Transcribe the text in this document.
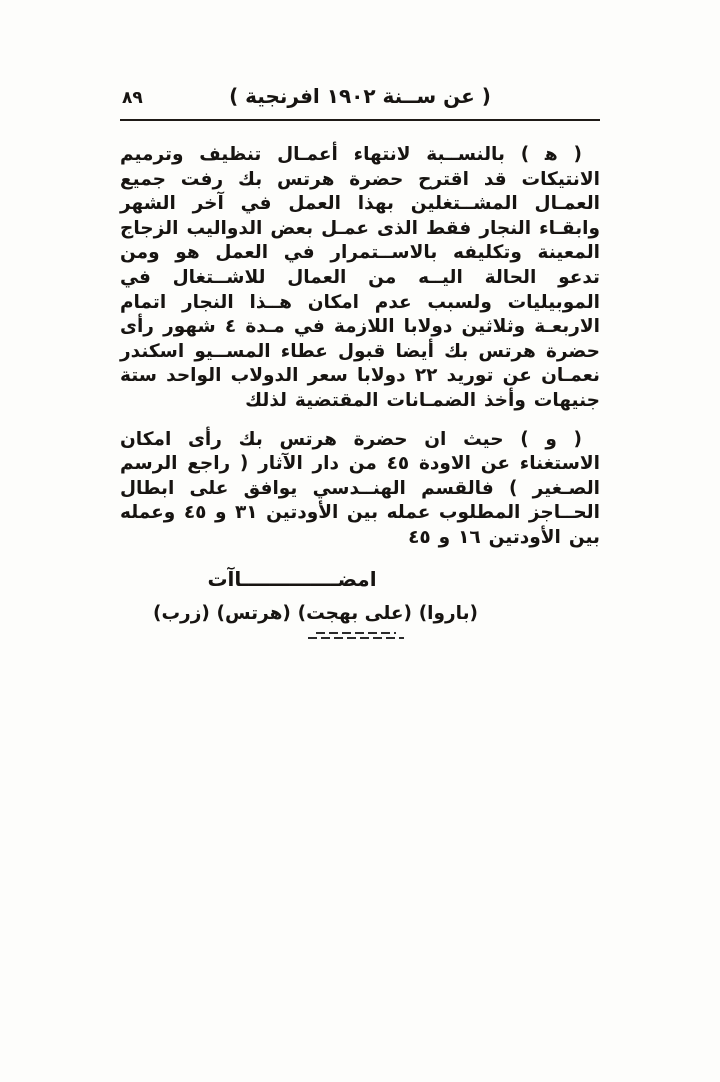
٨٩	( عن ســنة ١٩٠٢ افرنجية )

( ﻫ ) بالنســبة لانتهاء أعمـال تنظيف وترميم الانتيكات قد اقترح حضرة هرتس بك رفت جميع العمـال المشــتغلين بهذا العمل في آخر الشهر وابقـاء النجار فقط الذى عمـل بعض الدواليب الزجاج المعينة وتكليفه بالاســتمرار في العمل هو ومن تدعو الحالة اليــه من العمال للاشــتغال في الموبيليات ولسبب عدم امكان هــذا النجار اتمام الاربعـة وثلاثين دولابا اللازمة في مـدة ٤ شهور رأى حضرة هرتس بك أيضا قبول عطاء المســيو اسكندر نعمـان عن توريد ٢٢ دولابا سعر الدولاب الواحد ستة جنيهات وأخذ الضمـانات المقتضية لذلك

( و ) حيث ان حضرة هرتس بك رأى امكان الاستغناء عن الاودة ٤٥ من دار الآثار ( راجع الرسم الصـغير ) فالقسم الهنــدسي يوافق على ابطال الحــاجز المطلوب عمله بين الأودتين ٣١ و ٤٥ وعمله بين الأودتين ١٦ و ٤٥

امضــــــــــــــاآت
(باروا)
(على بهجت)
(هرتس)
(زرب)
